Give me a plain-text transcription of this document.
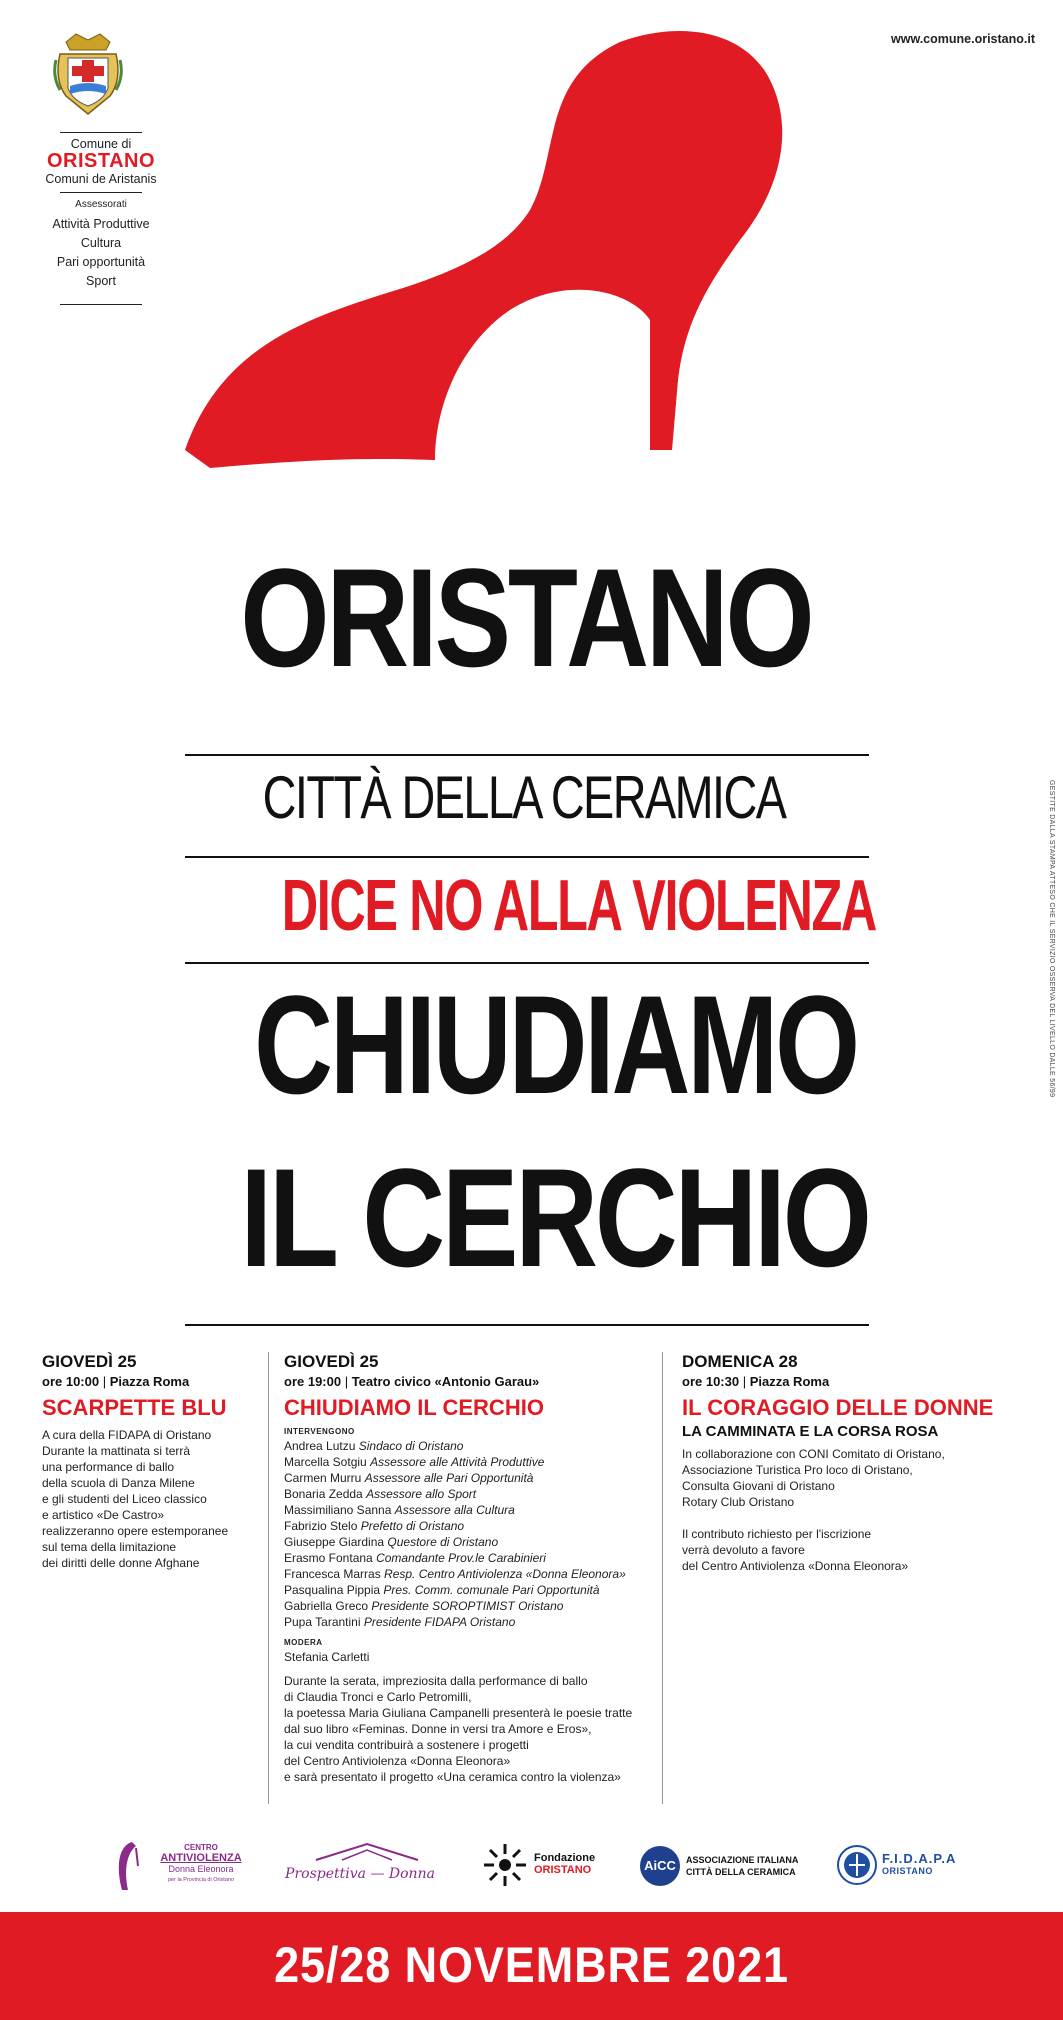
www.comune.oristano.it
Comune di
ORISTANO
Comuni de Aristanis
Assessorati
Attività Produttive
Cultura
Pari opportunità
Sport
ORISTANO
CITTÀ DELLA CERAMICA
DICE NO ALLA VIOLENZA
CHIUDIAMO
IL CERCHIO
GESTITE DALLA STAMPA ATTESO CHE IL SERVIZIO OSSERVA DEL LIVELLO DALLE 56/99
GIOVEDÌ 25
ore 10:00 | Piazza Roma
SCARPETTE BLU
A cura della FIDAPA di Oristano
Durante la mattinata si terrà
una performance di ballo
della scuola di Danza Milene
e gli studenti del Liceo classico
e artistico «De Castro»
realizzeranno opere estemporanee
sul tema della limitazione
dei diritti delle donne Afghane
GIOVEDÌ 25
ore 19:00 | Teatro civico «Antonio Garau»
CHIUDIAMO IL CERCHIO
INTERVENGONO
Andrea Lutzu Sindaco di Oristano
Marcella Sotgiu Assessore alle Attività Produttive
Carmen Murru Assessore alle Pari Opportunità
Bonaria Zedda Assessore allo Sport
Massimiliano Sanna Assessore alla Cultura
Fabrizio Stelo Prefetto di Oristano
Giuseppe Giardina Questore di Oristano
Erasmo Fontana Comandante Prov.le Carabinieri
Francesca Marras Resp. Centro Antiviolenza «Donna Eleonora»
Pasqualina Pippia Pres. Comm. comunale Pari Opportunità
Gabriella Greco Presidente SOROPTIMIST Oristano
Pupa Tarantini Presidente FIDAPA Oristano
MODERA
Stefania Carletti
Durante la serata, impreziosita dalla performance di ballo
di Claudia Tronci e Carlo Petromilli,
la poetessa Maria Giuliana Campanelli presenterà le poesie tratte
dal suo libro «Feminas. Donne in versi tra Amore e Eros»,
la cui vendita contribuirà a sostenere i progetti
del Centro Antiviolenza «Donna Eleonora»
e sarà presentato il progetto «Una ceramica contro la violenza»
DOMENICA 28
ore 10:30 | Piazza Roma
IL CORAGGIO DELLE DONNE
LA CAMMINATA E LA CORSA ROSA
In collaborazione con CONI Comitato di Oristano,
Associazione Turistica Pro loco di Oristano,
Consulta Giovani di Oristano
Rotary Club Oristano
Il contributo richiesto per l'iscrizione
verrà devoluto a favore
del Centro Antiviolenza «Donna Eleonora»
CENTRO
ANTIVIOLENZA
Donna Eleonora
per la Provincia di Oristano	Prospettiva — Donna
Fondazione
ORISTANO	AiCC	ASSOCIAZIONE ITALIANA
CITTÀ DELLA CERAMICA
F.I.D.A.P.A
ORISTANO
25/28 NOVEMBRE 2021
